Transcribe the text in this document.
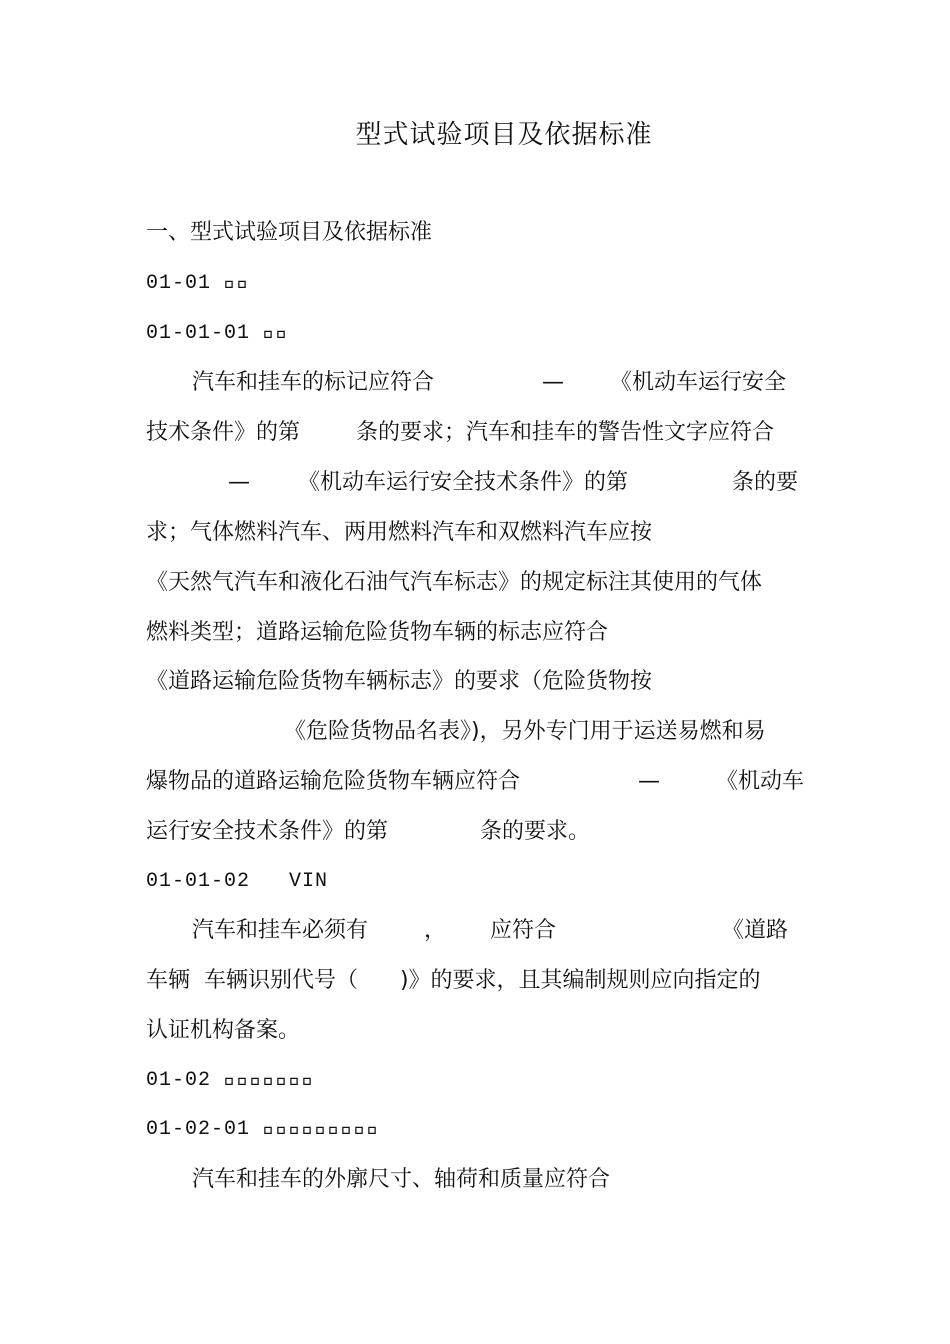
型式试验项目及依据标准
一、型式试验项目及依据标准
01-01   
01-01-01   
汽车和挂车的标记应符合	— 《机动车运行安全
技术条件》的第	条的要求；汽车和挂车的警告性文字应符合
— 《机动车运行安全技术条件》的第	条的要
求；气体燃料汽车、两用燃料汽车和双燃料汽车应按
《天然气汽车和液化石油气汽车标志》的规定标注其使用的气体
燃料类型；道路运输危险货物车辆的标志应符合
《道路运输危险货物车辆标志》的要求（危险货物按
《危险货物品名表》)，另外专门用于运送易燃和易
爆物品的道路运输危险货物车辆应符合	—	《机动车
运行安全技术条件》的第	条的要求。
01-01-02   VIN
汽车和挂车必须有	， 应符合	《道路
车辆  车辆识别代号（      )》的要求，且其编制规则应向指定的
认证机构备案。
01-02        
01-02-01          
汽车和挂车的外廓尺寸、轴荷和质量应符合
